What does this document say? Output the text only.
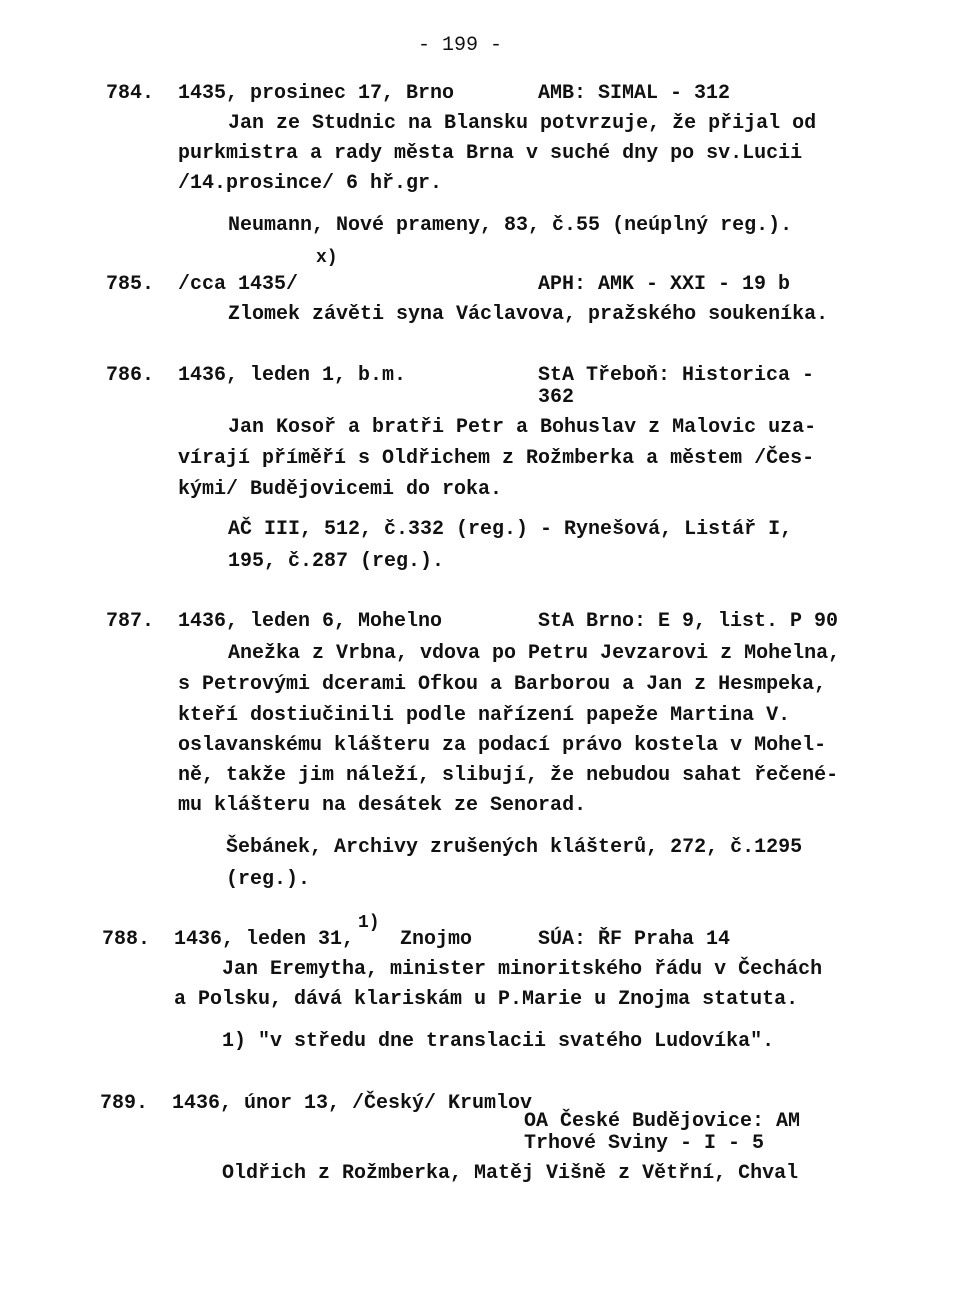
- 199 -
784. 1435, prosinec 17, Brno	AMB: SIMAL - 312
Jan ze Studnic na Blansku potvrzuje, že přijal od
purkmistra a rady města Brna v suché dny po sv.Lucii
/14.prosince/ 6 hř.gr.
Neumann, Nové prameny, 83, č.55 (neúplný reg.).
x)
785. /cca 1435/	APH: AMK - XXI - 19 b
Zlomek závěti syna Václavova, pražského soukeníka.
786. 1436, leden 1, b.m.	StA Třeboň: Historica -
362
Jan Kosoř a bratři Petr a Bohuslav z Malovic uza-
vírají příměří s Oldřichem z Rožmberka a městem /Čes-
kými/ Budějovicemi do roka.
AČ III, 512, č.332 (reg.) - Rynešová, Listář I,
195, č.287 (reg.).
787. 1436, leden 6, Mohelno	StA Brno: E 9, list. P 90
Anežka z Vrbna, vdova po Petru Jevzarovi z Mohelna,
s Petrovými dcerami Ofkou a Barborou a Jan z Hesmpeka,
kteří dostiučinili podle nařízení papeže Martina V.
oslavanskému klášteru za podací právo kostela v Mohel-
ně, takže jim náleží, slibují, že nebudou sahat řečené-
mu klášteru na desátek ze Senorad.
Šebánek, Archivy zrušených klášterů, 272, č.1295
(reg.).
788. 1436, leden 31,
1)
Znojmo	SÚA: ŘF Praha 14
Jan Eremytha, minister minoritského řádu v Čechách
a Polsku, dává klariskám u P.Marie u Znojma statuta.
1) "v středu dne translacii svatého Ludovíka".
789. 1436, únor 13, /Český/ Krumlov
OA České Budějovice: AM
Trhové Sviny - I - 5
Oldřich z Rožmberka, Matěj Višně z Větřní, Chval
